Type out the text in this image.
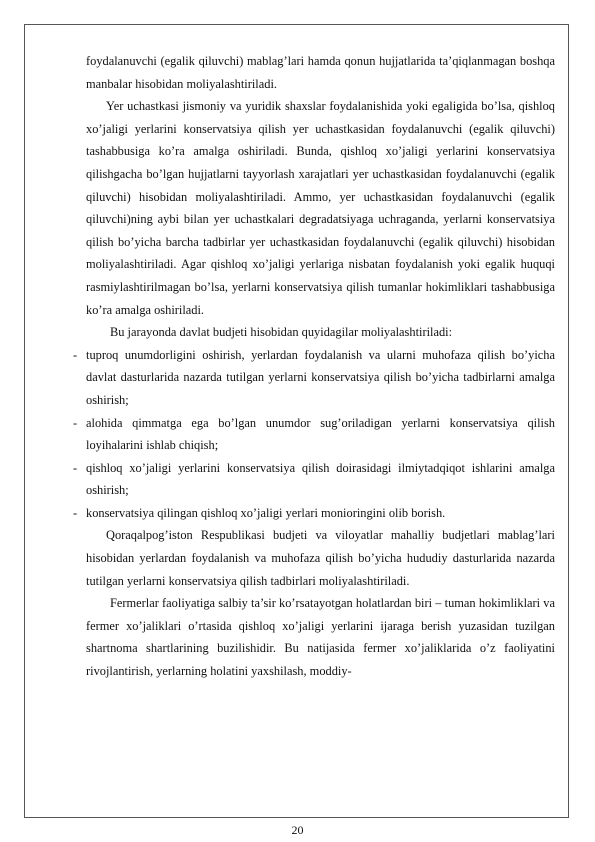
foydalanuvchi (egalik qiluvchi) mablag’lari hamda qonun hujjatlarida ta’qiqlanmagan boshqa manbalar hisobidan moliyalashtiriladi.

Yer uchastkasi jismoniy va yuridik shaxslar foydalanishida yoki egaligida bo’lsa, qishloq xo’jaligi yerlarini konservatsiya qilish yer uchastkasidan foydalanuvchi (egalik qiluvchi) tashabbusiga ko’ra amalga oshiriladi. Bunda, qishloq xo’jaligi yerlarini konservatsiya qilishgacha bo’lgan hujjatlarni tayyorlash xarajatlari yer uchastkasidan foydalanuvchi (egalik qiluvchi) hisobidan moliyalashtiriladi. Ammo, yer uchastkasidan foydalanuvchi (egalik qiluvchi)ning aybi bilan yer uchastkalari degradatsiyaga uchraganda, yerlarni konservatsiya qilish bo’yicha barcha tadbirlar yer uchastkasidan foydalanuvchi (egalik qiluvchi) hisobidan moliyalashtiriladi. Agar qishloq xo’jaligi yerlariga nisbatan foydalanish yoki egalik huquqi rasmiylashtirilmagan bo’lsa, yerlarni konservatsiya qilish tumanlar hokimliklari tashabbusiga ko’ra amalga oshiriladi.

Bu jarayonda davlat budjeti hisobidan quyidagilar moliyalashtiriladi:

- tuproq unumdorligini oshirish, yerlardan foydalanish va ularni muhofaza qilish bo’yicha davlat dasturlarida nazarda tutilgan yerlarni konservatsiya qilish bo’yicha tadbirlarni amalga oshirish;
- alohida qimmatga ega bo’lgan unumdor sug’oriladigan yerlarni konservatsiya qilish loyihalarini ishlab chiqish;
- qishloq xo’jaligi yerlarini konservatsiya qilish doirasidagi ilmiytadqiqot ishlarini amalga oshirish;
- konservatsiya qilingan qishloq xo’jaligi yerlari monioringini olib borish.

Qoraqalpog’iston Respublikasi budjeti va viloyatlar mahalliy budjetlari mablag’lari hisobidan yerlardan foydalanish va muhofaza qilish bo’yicha hududiy dasturlarida nazarda tutilgan yerlarni konservatsiya qilish tadbirlari moliyalashtiriladi.

Fermerlar faoliyatiga salbiy ta’sir ko’rsatayotgan holatlardan biri – tuman hokimliklari va fermer xo’jaliklari o’rtasida qishloq xo’jaligi yerlarini ijaraga berish yuzasidan tuzilgan shartnoma shartlarining buzilishidir. Bu natijasida fermer xo’jaliklarida o’z faoliyatini rivojlantirish, yerlarning holatini yaxshilash, moddiy-

20
